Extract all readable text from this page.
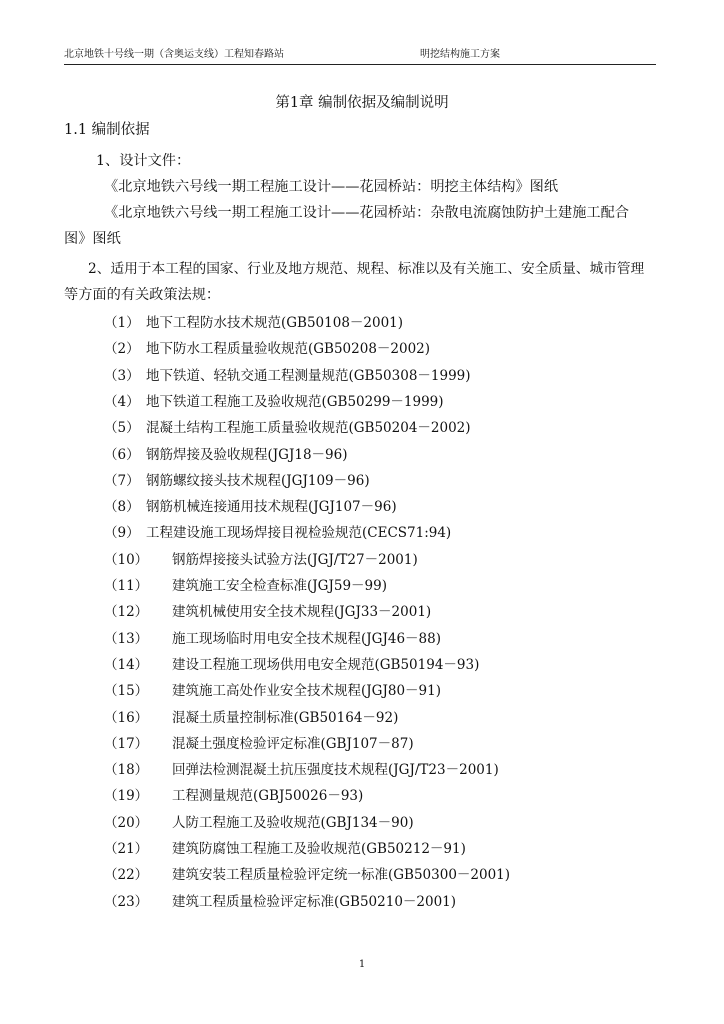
北京地铁十号线一期（含奥运支线）工程知春路站	明挖结构施工方案
第1章 编制依据及编制说明
1.1 编制依据
1、设计文件：
《北京地铁六号线一期工程施工设计——花园桥站：明挖主体结构》图纸
《北京地铁六号线一期工程施工设计——花园桥站：杂散电流腐蚀防护土建施工配合
图》图纸
2、适用于本工程的国家、行业及地方规范、规程、标准以及有关施工、安全质量、城市管理
等方面的有关政策法规：
（1） 地下工程防水技术规范(GB50108－2001)
（2） 地下防水工程质量验收规范(GB50208－2002)
（3） 地下铁道、轻轨交通工程测量规范(GB50308－1999)
（4） 地下铁道工程施工及验收规范(GB50299－1999)
（5） 混凝土结构工程施工质量验收规范(GB50204－2002)
（6） 钢筋焊接及验收规程(JGJ18－96)
（7） 钢筋螺纹接头技术规程(JGJ109－96)
（8） 钢筋机械连接通用技术规程(JGJ107－96)
（9） 工程建设施工现场焊接目视检验规范(CECS71:94)
（10） 钢筋焊接接头试验方法(JGJ/T27－2001)
（11） 建筑施工安全检查标准(JGJ59－99)
（12） 建筑机械使用安全技术规程(JGJ33－2001)
（13） 施工现场临时用电安全技术规程(JGJ46－88)
（14） 建设工程施工现场供用电安全规范(GB50194－93)
（15） 建筑施工高处作业安全技术规程(JGJ80－91)
（16） 混凝土质量控制标准(GB50164－92)
（17） 混凝土强度检验评定标准(GBJ107－87)
（18） 回弹法检测混凝土抗压强度技术规程(JGJ/T23－2001)
（19） 工程测量规范(GBJ50026－93)
（20） 人防工程施工及验收规范(GBJ134－90)
（21） 建筑防腐蚀工程施工及验收规范(GB50212－91)
（22） 建筑安装工程质量检验评定统一标准(GB50300－2001)
（23） 建筑工程质量检验评定标准(GB50210－2001)
1
